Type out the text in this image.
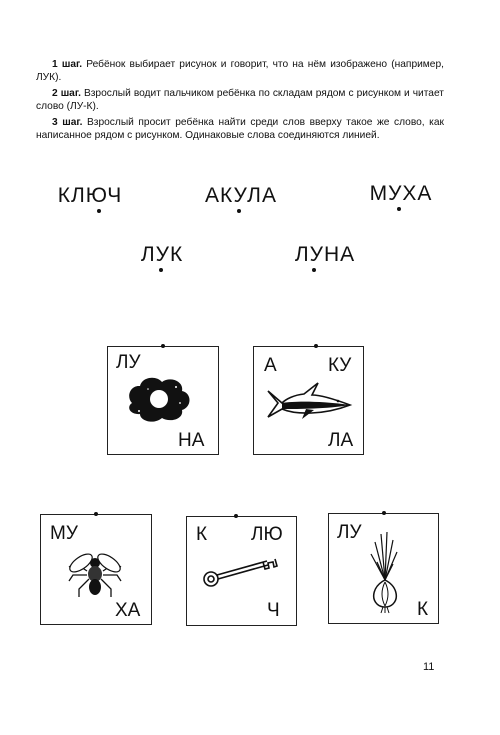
1 шаг. Ребёнок выбирает рисунок и говорит, что на нём изображено (например, ЛУК).

2 шаг. Взрослый водит пальчиком ребёнка по складам рядом с рисунком и читает слово (ЛУ-К).

3 шаг. Взрослый просит ребёнка найти среди слов вверху такое же слово, как написанное рядом с рисунком. Одинаковые слова соединяются линией.

КЛЮЧ	АКУЛА	МУХА
ЛУК	ЛУНА
ЛУ
НА
А	КУ
ЛА
МУ
ХА
К ЛЮ
Ч
ЛУ
К
11
